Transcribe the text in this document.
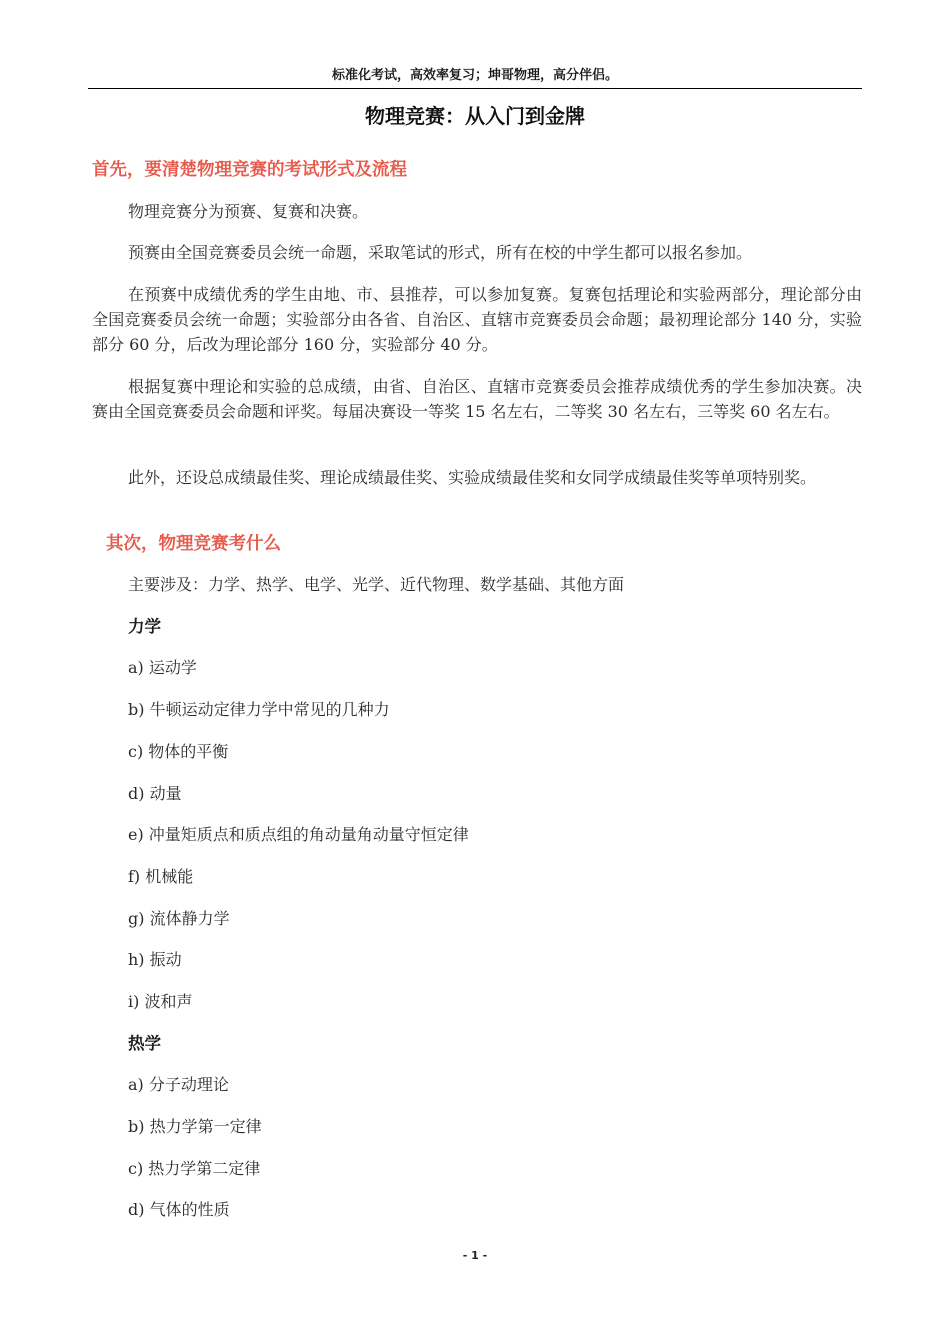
标准化考试，高效率复习；坤哥物理，高分伴侣。
物理竞赛：从入门到金牌
首先，要清楚物理竞赛的考试形式及流程
物理竞赛分为预赛、复赛和决赛。
预赛由全国竞赛委员会统一命题，采取笔试的形式，所有在校的中学生都可以报名参加。
在预赛中成绩优秀的学生由地、市、县推荐，可以参加复赛。复赛包括理论和实验两部分，理论部分由全国竞赛委员会统一命题；实验部分由各省、自治区、直辖市竞赛委员会命题；最初理论部分 140 分，实验部分 60 分，后改为理论部分 160 分，实验部分 40 分。
根据复赛中理论和实验的总成绩，由省、自治区、直辖市竞赛委员会推荐成绩优秀的学生参加决赛。决赛由全国竞赛委员会命题和评奖。每届决赛设一等奖 15 名左右，二等奖 30 名左右，三等奖 60 名左右。
此外，还设总成绩最佳奖、理论成绩最佳奖、实验成绩最佳奖和女同学成绩最佳奖等单项特别奖。
其次，物理竞赛考什么
主要涉及：力学、热学、电学、光学、近代物理、数学基础、其他方面
力学
a) 运动学
b) 牛顿运动定律力学中常见的几种力
c) 物体的平衡
d) 动量
e) 冲量矩质点和质点组的角动量角动量守恒定律
f) 机械能
g) 流体静力学
h) 振动
i) 波和声
热学
a) 分子动理论
b) 热力学第一定律
c) 热力学第二定律
d) 气体的性质
- 1 -
